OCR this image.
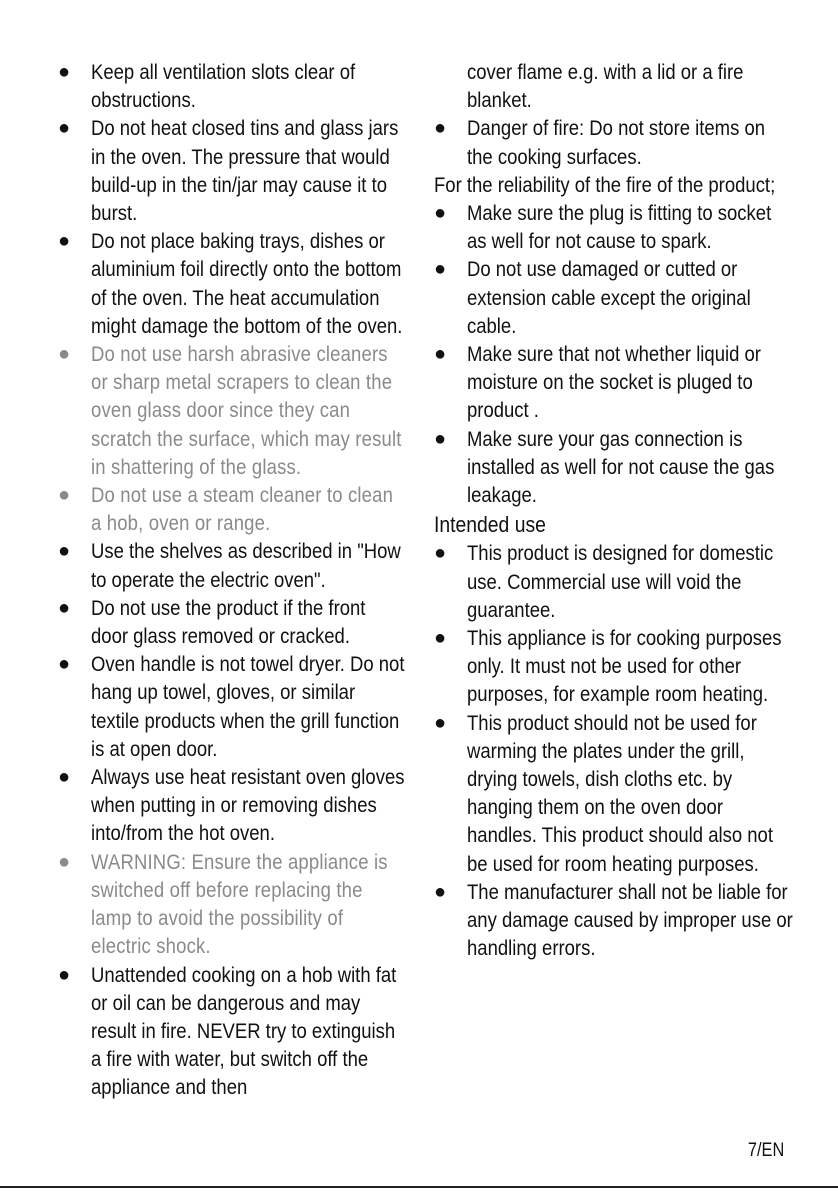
● Keep all ventilation slots clear of obstructions.
● Do not heat closed tins and glass jars in the oven. The pressure that would build-up in the tin/jar may cause it to burst.
● Do not place baking trays, dishes or aluminium foil directly onto the bottom of the oven. The heat accumulation might damage the bottom of the oven.
● Do not use harsh abrasive cleaners or sharp metal scrapers to clean the oven glass door since they can scratch the surface, which may result in shattering of the glass.
● Do not use a steam cleaner to clean a hob, oven or range.
● Use the shelves as described in "How to operate the electric oven".
● Do not use the product if the front door glass removed or cracked.
● Oven handle is not towel dryer. Do not hang up towel, gloves, or similar textile products when the grill function is at open door.
● Always use heat resistant oven gloves when putting in or removing dishes into/from the hot oven.
● WARNING: Ensure the appliance is switched off before replacing the lamp to avoid the possibility of electric shock.
● Unattended cooking on a hob with fat or oil can be dangerous and may result in fire. NEVER try to extinguish a fire with water, but switch off the appliance and then
cover flame e.g. with a lid or a fire blanket.
● Danger of fire: Do not store items on the cooking surfaces.
For the reliability of the fire of the product;
● Make sure the plug is fitting to socket as well for not cause to spark.
● Do not use damaged or cutted or extension cable except the original cable.
● Make sure that not whether liquid or moisture on the socket is pluged to product .
● Make sure your gas connection is installed as well for not cause the gas leakage.
Intended use
● This product is designed for domestic use. Commercial use will void the guarantee.
● This appliance is for cooking purposes only. It must not be used for other purposes, for example room heating.
● This product should not be used for warming the plates under the grill, drying towels, dish cloths etc. by hanging them on the oven door handles. This product should also not be used for room heating purposes.
● The manufacturer shall not be liable for any damage caused by improper use or handling errors.
7/EN
